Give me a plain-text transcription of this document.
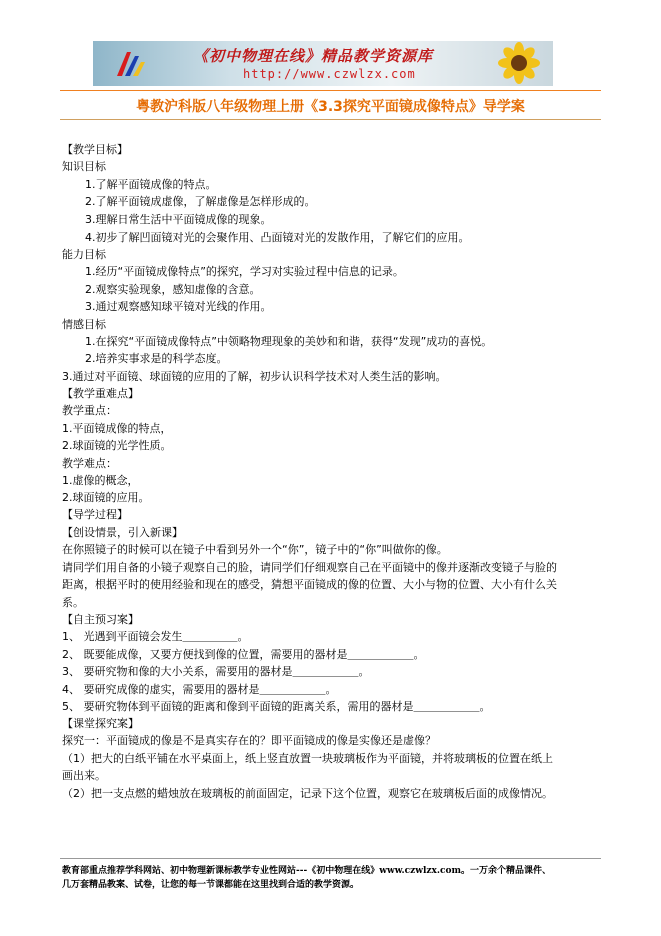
《初中物理在线》精品教学资源库
http://www.czwlzx.com
粤教沪科版八年级物理上册《3.3探究平面镜成像特点》导学案
【教学目标】
知识目标
1.了解平面镜成像的特点。
2.了解平面镜成虚像，了解虚像是怎样形成的。
3.理解日常生活中平面镜成像的现象。
4.初步了解凹面镜对光的会聚作用、凸面镜对光的发散作用，了解它们的应用。
能力目标
1.经历“平面镜成像特点”的探究，学习对实验过程中信息的记录。
2.观察实验现象，感知虚像的含意。
3.通过观察感知球平镜对光线的作用。
情感目标
1.在探究“平面镜成像特点”中领略物理现象的美妙和和谐，获得“发现”成功的喜悦。
2.培养实事求是的科学态度。
3.通过对平面镜、球面镜的应用的了解，初步认识科学技术对人类生活的影响。
【教学重难点】
教学重点：
1.平面镜成像的特点，
2.球面镜的光学性质。
教学难点：
1.虚像的概念，
2.球面镜的应用。
【导学过程】
【创设情景，引入新课】
在你照镜子的时候可以在镜子中看到另外一个“你”，镜子中的“你”叫做你的像。
请同学们用自备的小镜子观察自己的脸，请同学们仔细观察自己在平面镜中的像并逐渐改变镜子与脸的
距离，根据平时的使用经验和现在的感受，猜想平面镜成的像的位置、大小与物的位置、大小有什么关
系。
【自主预习案】
1、 光遇到平面镜会发生＿＿＿＿＿。
2、 既要能成像，又要方便找到像的位置，需要用的器材是＿＿＿＿＿＿。
3、 要研究物和像的大小关系，需要用的器材是＿＿＿＿＿＿。
4、 要研究成像的虚实，需要用的器材是＿＿＿＿＿＿。
5、 要研究物体到平面镜的距离和像到平面镜的距离关系，需用的器材是＿＿＿＿＿＿。
【课堂探究案】
探究一：平面镜成的像是不是真实存在的？即平面镜成的像是实像还是虚像？
（1）把大的白纸平铺在水平桌面上，纸上竖直放置一块玻璃板作为平面镜，并将玻璃板的位置在纸上
画出来。
（2）把一支点燃的蜡烛放在玻璃板的前面固定，记录下这个位置，观察它在玻璃板后面的成像情况。
教育部重点推荐学科网站、初中物理新课标教学专业性网站---《初中物理在线》www.czwlzx.com。一万余个精品课件、
几万套精品教案、试卷，让您的每一节课都能在这里找到合适的教学资源。
